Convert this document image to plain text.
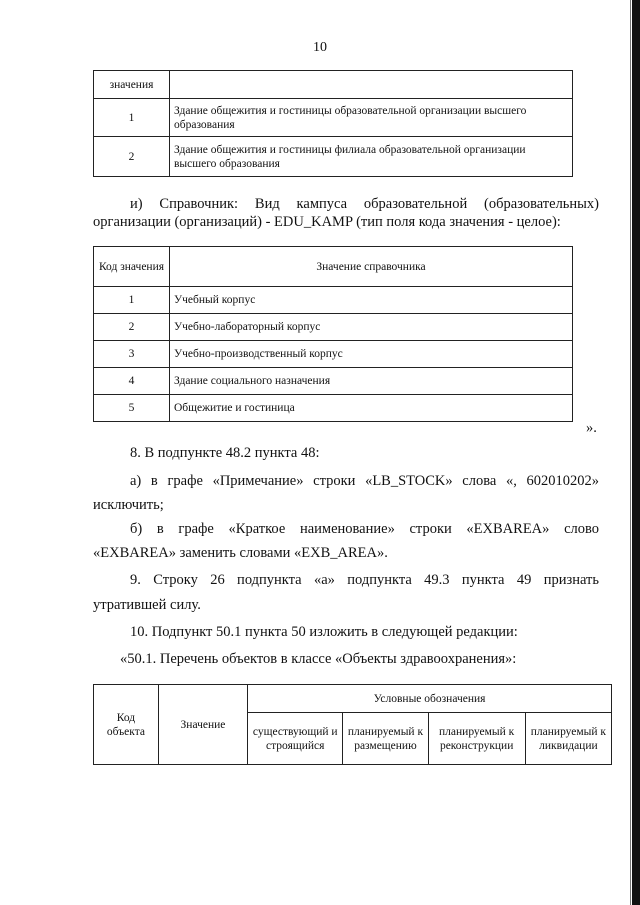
10
значения	
1	Здание общежития и гостиницы образовательной организации высшего образования
2	Здание общежития и гостиницы филиала образовательной организации высшего образования
и) Справочник: Вид кампуса образовательной (образовательных)
организации (организаций) - EDU_KAMP (тип поля кода значения - целое):
Код значения	Значение справочника
1	Учебный корпус
2	Учебно-лабораторный корпус
3	Учебно-производственный корпус
4	Здание социального назначения
5	Общежитие и гостиница
».
8. В подпункте 48.2 пункта 48:
а) в графе «Примечание» строки «LB_STOCK» слова «, 602010202»
исключить;
б) в графе «Краткое наименование» строки «EXBAREA» слово
«EXBAREA» заменить словами «EXB_AREA».
9. Строку 26 подпункта «а» подпункта 49.3 пункта 49 признать
утратившей силу.
10. Подпункт 50.1 пункта 50 изложить в следующей редакции:
«50.1. Перечень объектов в классе «Объекты здравоохранения»:
Код объекта	Значение	Условные обозначения			
		существующий и строящийся	планируемый к размещению	планируемый к реконструкции	планируемый к ликвидации
